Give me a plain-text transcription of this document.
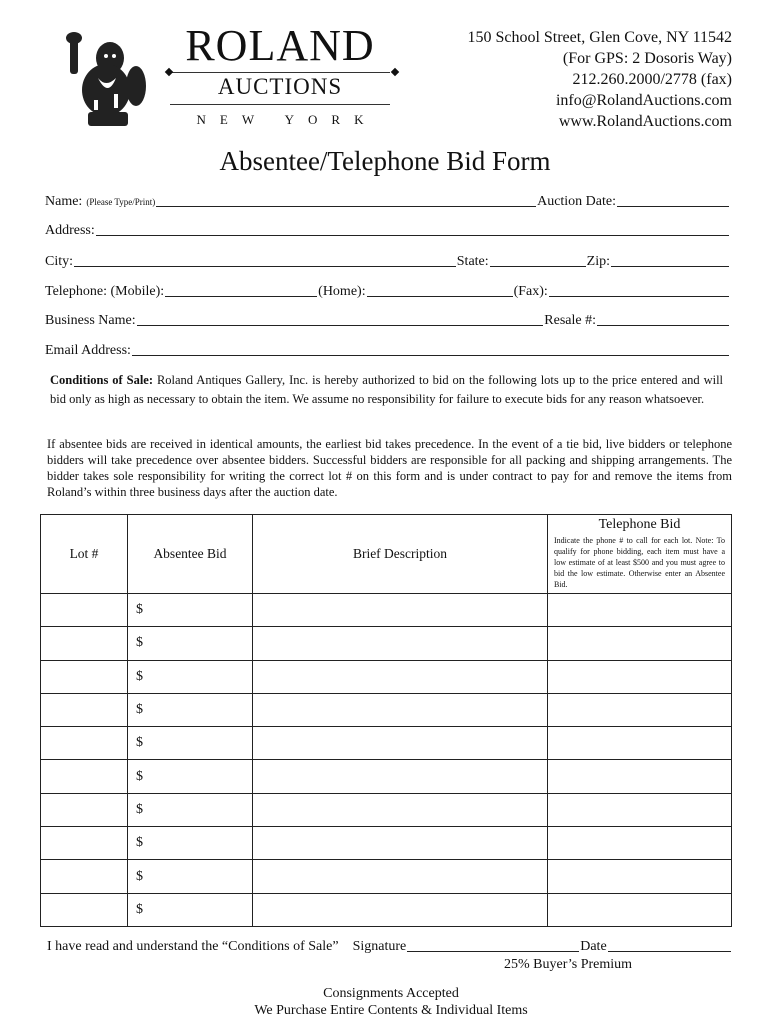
ROLAND
AUCTIONS
NEW YORK
150 School Street, Glen Cove, NY 11542
(For GPS: 2 Dosoris Way)
212.260.2000/2778 (fax)
info@RolandAuctions.com
www.RolandAuctions.com
Absentee/Telephone Bid Form
Name: (Please Type/Print)	Auction Date:
Address:
City:	State:	Zip:
Telephone: (Mobile):	(Home):	(Fax):
Business Name:	Resale #:
Email Address:
Conditions of Sale: Roland Antiques Gallery, Inc. is hereby authorized to bid on the following lots up to the price entered and will bid only as high as necessary to obtain the item. We assume no responsibility for failure to execute bids for any reason whatsoever.
If absentee bids are received in identical amounts, the earliest bid takes precedence. In the event of a tie bid, live bidders or telephone bidders will take precedence over absentee bidders. Successful bidders are responsible for all packing and shipping arrangements. The bidder takes sole responsibility for writing the correct lot # on this form and is under contract to pay for and remove the items from Roland’s within three business days after the auction date.
Lot #	Absentee Bid	Brief Description	Telephone Bid
Indicate the phone # to call for each lot. Note: To qualify for phone bidding, each item must have a low estimate of at least $500 and you must agree to bid the low estimate. Otherwise enter an Absentee Bid.

	$		
	$		
	$		
	$		
	$		
	$		
	$		
	$		
	$		
	$		
I have read and understand the “Conditions of Sale” Signature	Date
25% Buyer’s Premium
Consignments Accepted
We Purchase Entire Contents & Individual Items
